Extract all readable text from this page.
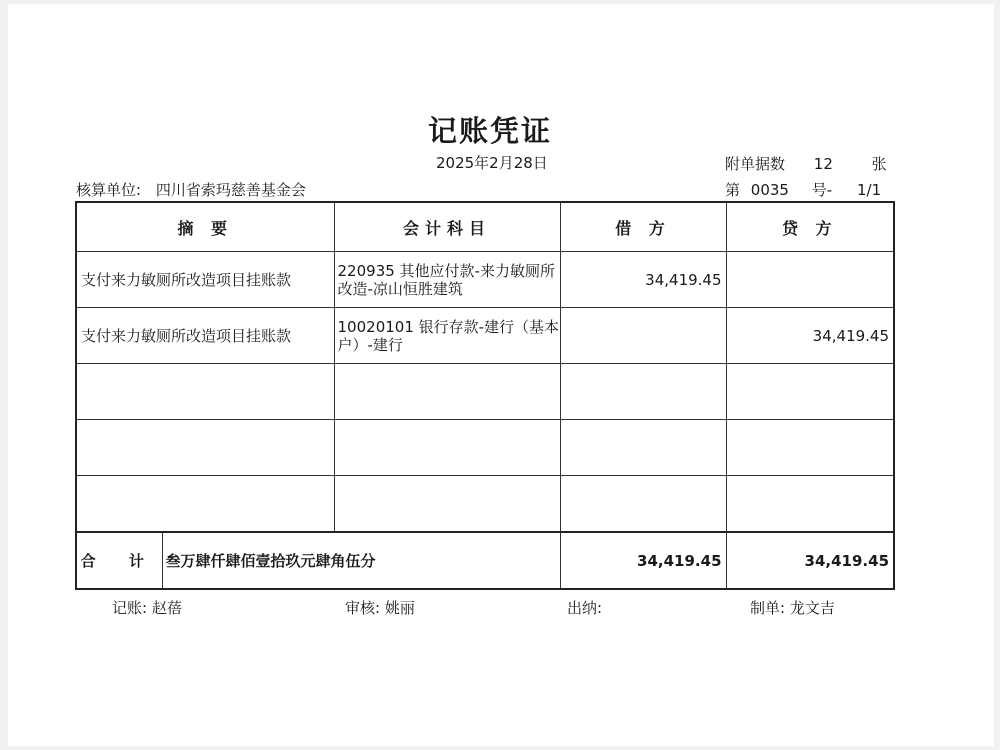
记账凭证
2025年2月28日
核算单位: 四川省索玛慈善基金会
附单据数 12	张
第 0035 号- 1/1
摘 要		会计科目	借 方	贷 方
支付来力敏厕所改造项目挂账款		220935 其他应付款-来力敏厕所改造-凉山恒胜建筑	34,419.45	
支付来力敏厕所改造项目挂账款		10020101 银行存款-建行（基本户）-建行		34,419.45

合 计	叁万肆仟肆佰壹拾玖元肆角伍分		34,419.45	34,419.45
记账: 赵蓓	审核: 姚丽	出纳:	制单: 龙文吉
